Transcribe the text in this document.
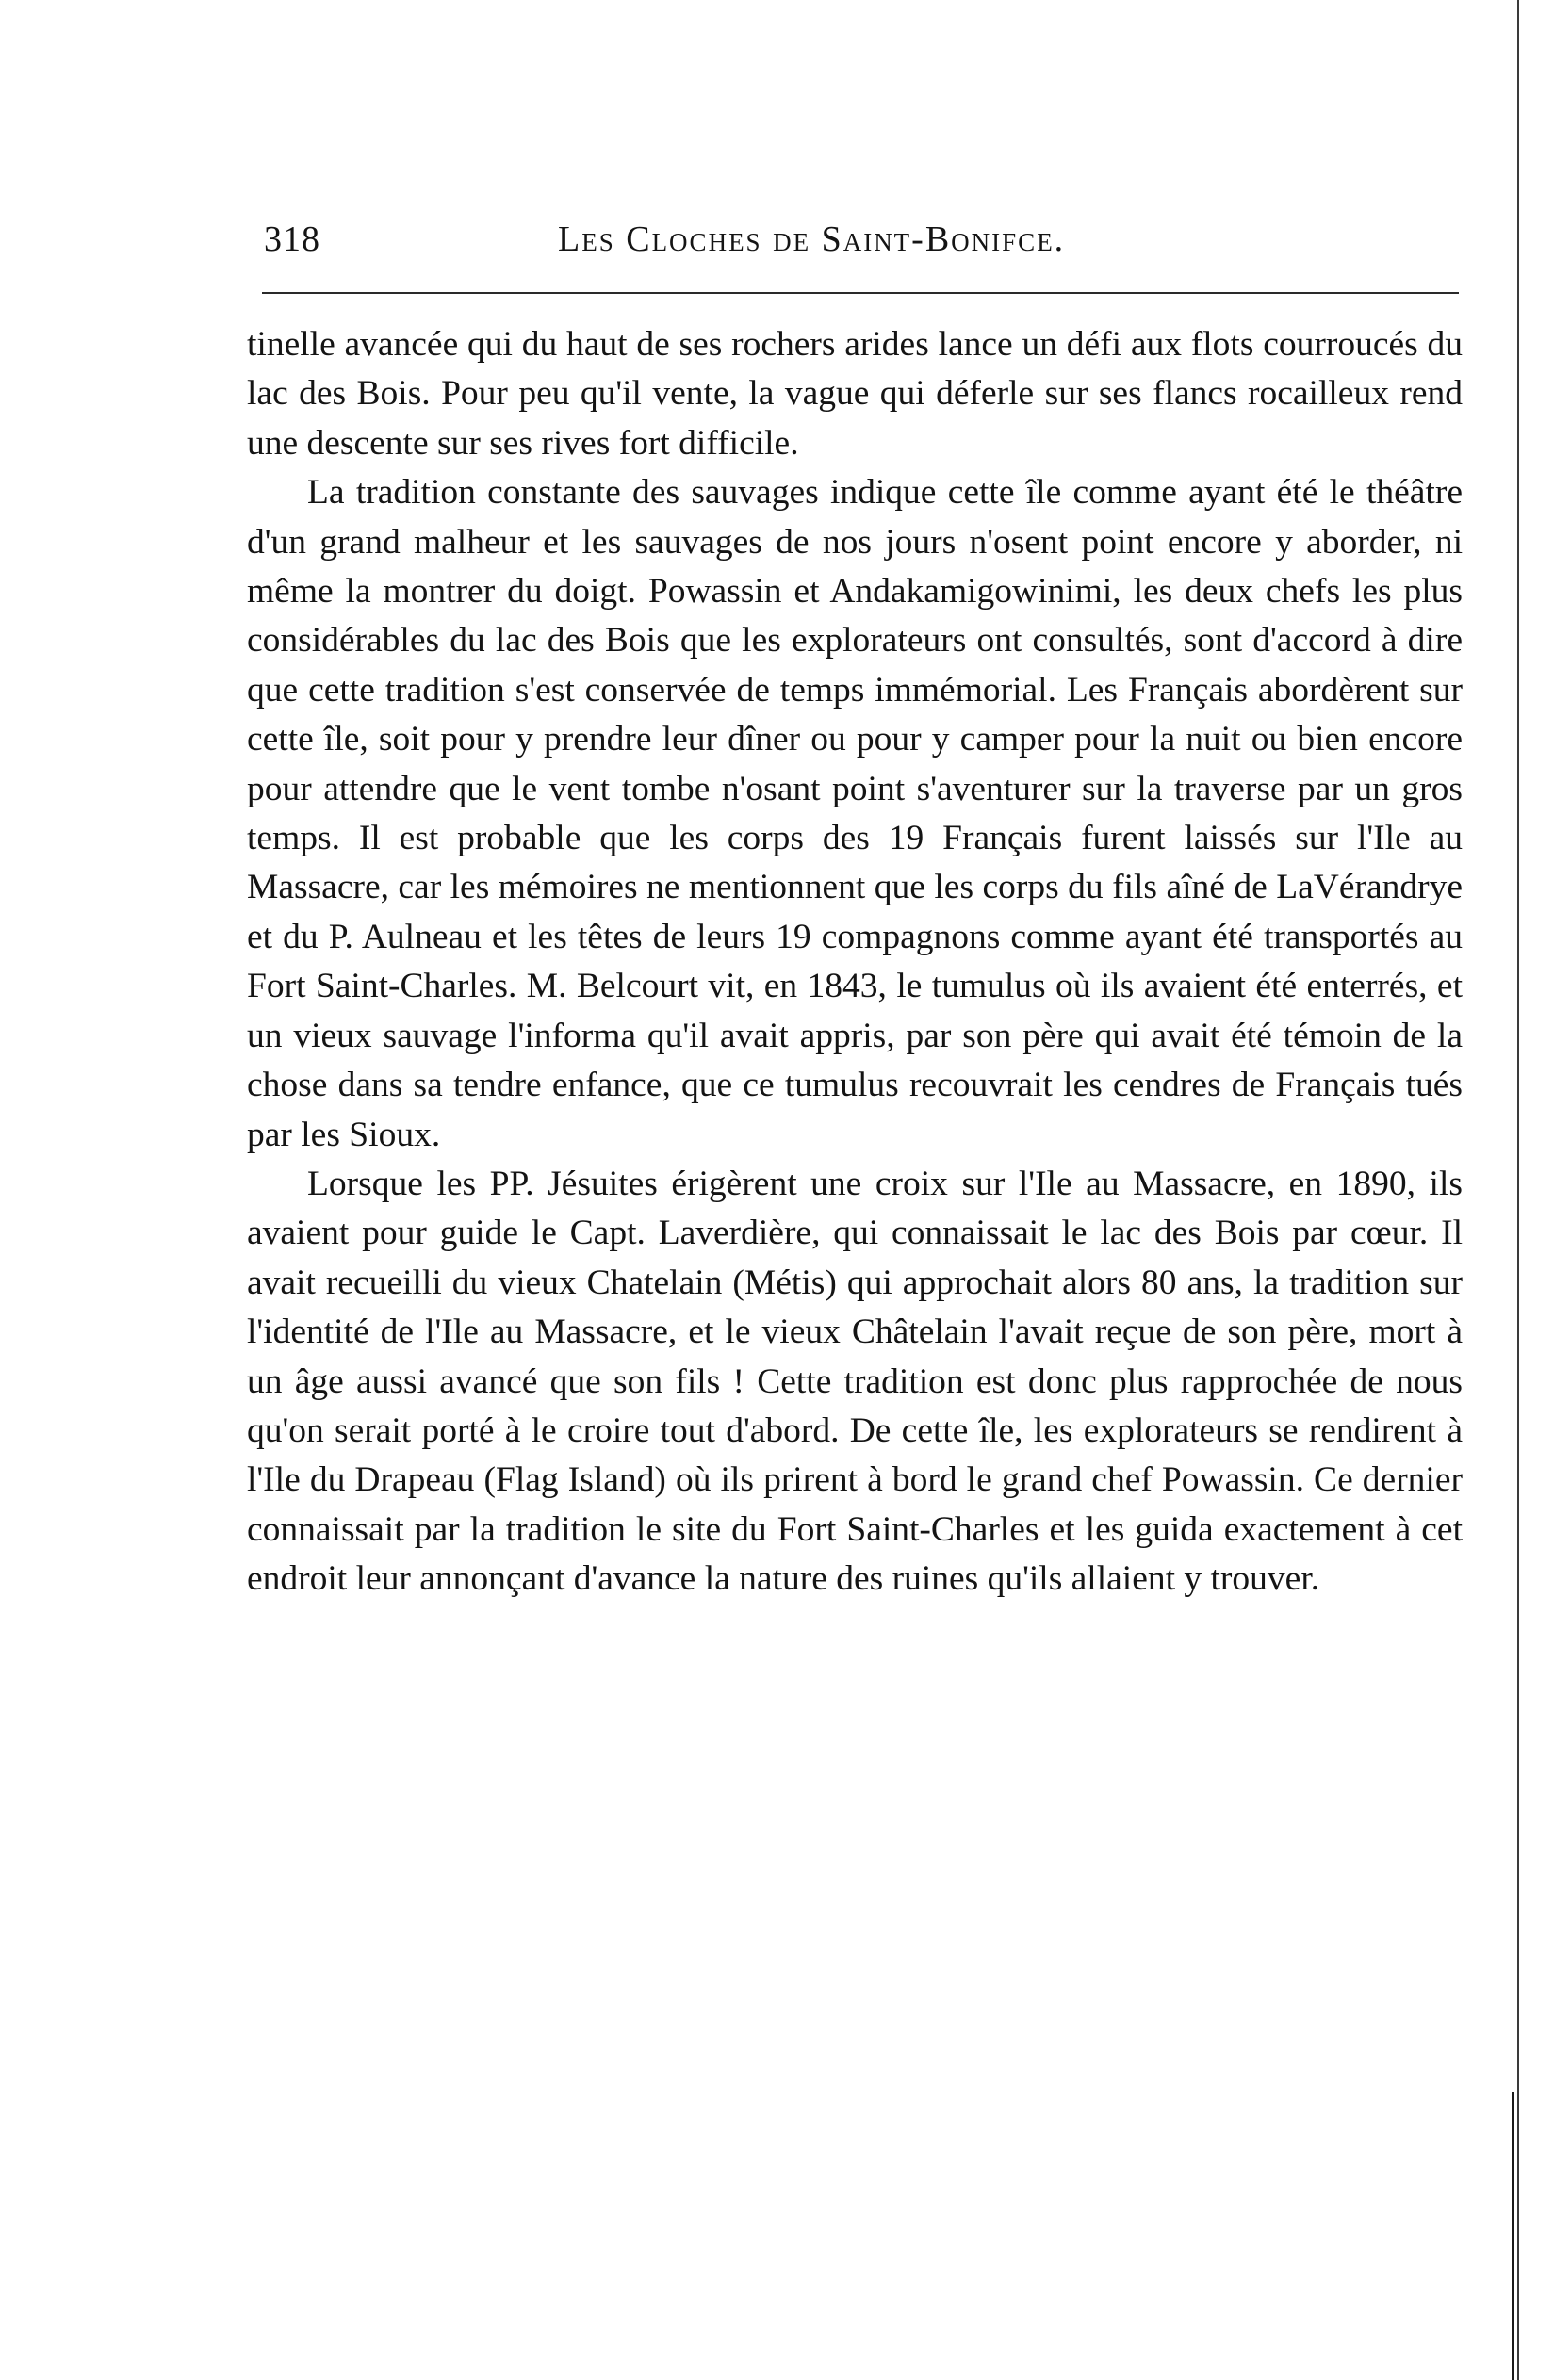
318	Les Cloches de Saint-Bonifce.

tinelle avancée qui du haut de ses rochers arides lance un défi aux flots courroucés du lac des Bois. Pour peu qu'il vente, la vague qui déferle sur ses flancs rocailleux rend une descente sur ses rives fort difficile.

La tradition constante des sauvages indique cette île comme ayant été le théâtre d'un grand malheur et les sauvages de nos jours n'osent point encore y aborder, ni même la montrer du doigt. Powassin et Andakamigowinimi, les deux chefs les plus considérables du lac des Bois que les explorateurs ont consultés, sont d'accord à dire que cette tradition s'est conservée de temps immémorial. Les Français abordèrent sur cette île, soit pour y prendre leur dîner ou pour y camper pour la nuit ou bien encore pour attendre que le vent tombe n'osant point s'aventurer sur la traverse par un gros temps. Il est probable que les corps des 19 Français furent laissés sur l'Ile au Massacre, car les mémoires ne mentionnent que les corps du fils aîné de LaVérandrye et du P. Aulneau et les têtes de leurs 19 compagnons comme ayant été transportés au Fort Saint-Charles. M. Belcourt vit, en 1843, le tumulus où ils avaient été enterrés, et un vieux sauvage l'informa qu'il avait appris, par son père qui avait été témoin de la chose dans sa tendre enfance, que ce tumulus recouvrait les cendres de Français tués par les Sioux.

Lorsque les PP. Jésuites érigèrent une croix sur l'Ile au Massacre, en 1890, ils avaient pour guide le Capt. Laverdière, qui connaissait le lac des Bois par cœur. Il avait recueilli du vieux Chatelain (Métis) qui approchait alors 80 ans, la tradition sur l'identité de l'Ile au Massacre, et le vieux Châtelain l'avait reçue de son père, mort à un âge aussi avancé que son fils ! Cette tradition est donc plus rapprochée de nous qu'on serait porté à le croire tout d'abord. De cette île, les explorateurs se rendirent à l'Ile du Drapeau (Flag Island) où ils prirent à bord le grand chef Powassin. Ce dernier connaissait par la tradition le site du Fort Saint-Charles et les guida exactement à cet endroit leur annonçant d'avance la nature des ruines qu'ils allaient y trouver.
